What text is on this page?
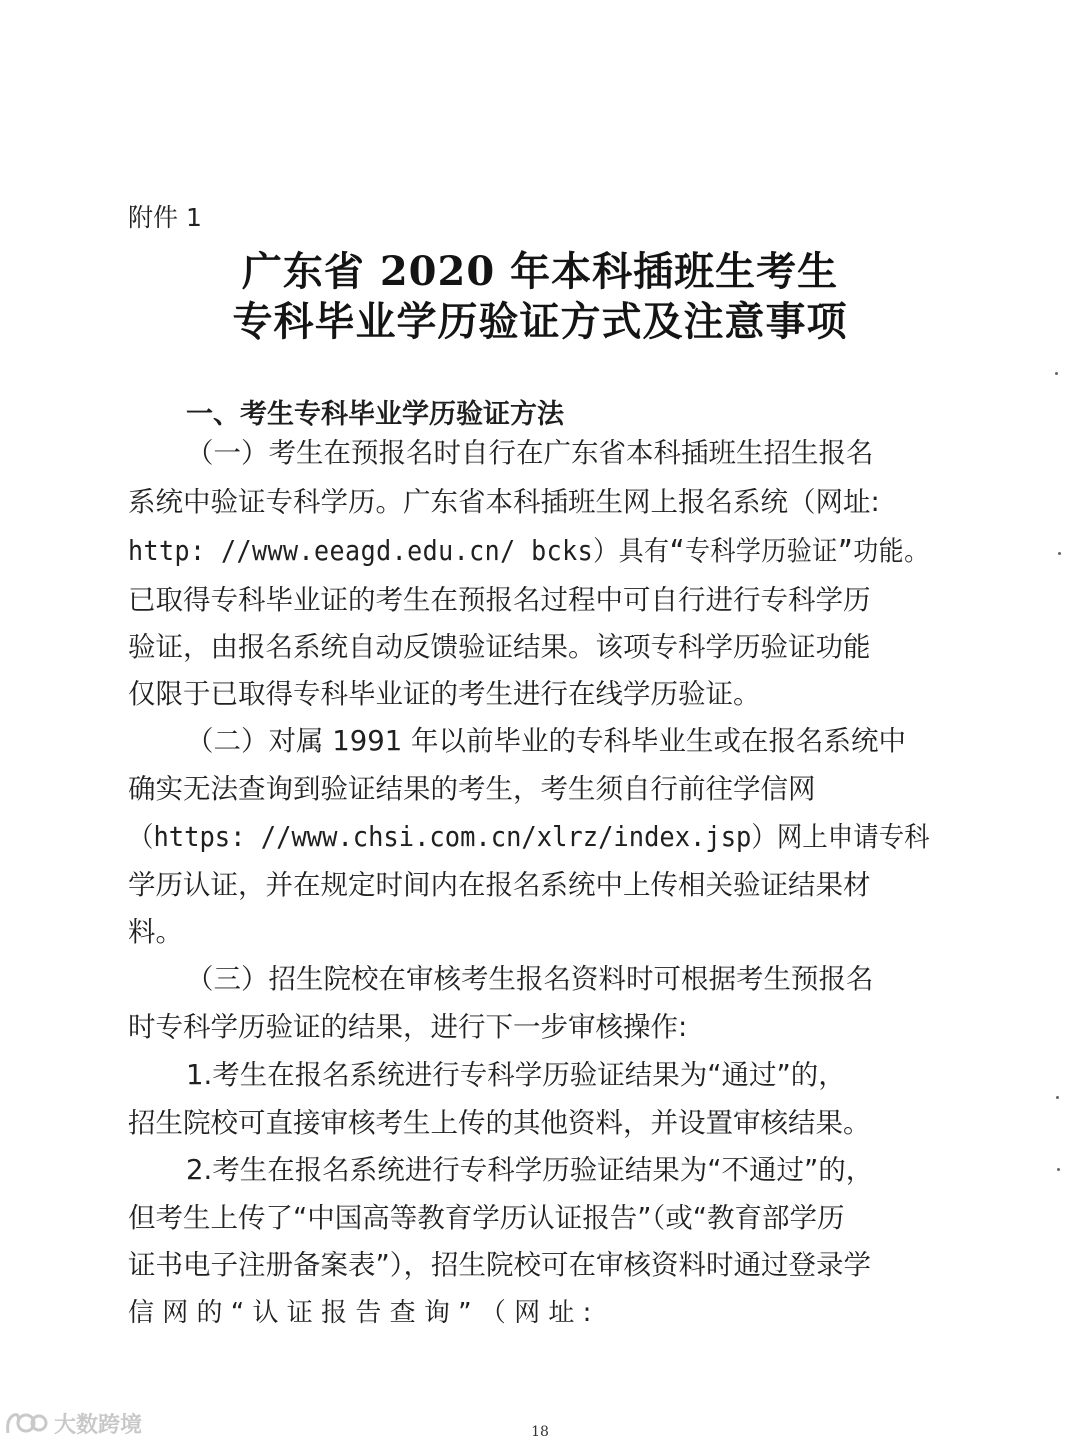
附件 1
广东省 2020 年本科插班生考生
专科毕业学历验证方式及注意事项
一、考生专科毕业学历验证方法
（一）考生在预报名时自行在广东省本科插班生招生报名
系统中验证专科学历。广东省本科插班生网上报名系统（网址:
http: //www.eeagd.edu.cn/ bcks）具有“专科学历验证”功能。
已取得专科毕业证的考生在预报名过程中可自行进行专科学历
验证，由报名系统自动反馈验证结果。该项专科学历验证功能
仅限于已取得专科毕业证的考生进行在线学历验证。
（二）对属 1991 年以前毕业的专科毕业生或在报名系统中
确实无法查询到验证结果的考生，考生须自行前往学信网
（https: //www.chsi.com.cn/xlrz/index.jsp）网上申请专科
学历认证，并在规定时间内在报名系统中上传相关验证结果材
料。
（三）招生院校在审核考生报名资料时可根据考生预报名
时专科学历验证的结果，进行下一步审核操作:
1.考生在报名系统进行专科学历验证结果为“通过”的，
招生院校可直接审核考生上传的其他资料，并设置审核结果。
2.考生在报名系统进行专科学历验证结果为“不通过”的，
但考生上传了“中国高等教育学历认证报告”（或“教育部学历
证书电子注册备案表”），招生院校可在审核资料时通过登录学
信 网 的 “ 认 证 报 告 查 询 ” （ 网 址 :
18
大数跨境
